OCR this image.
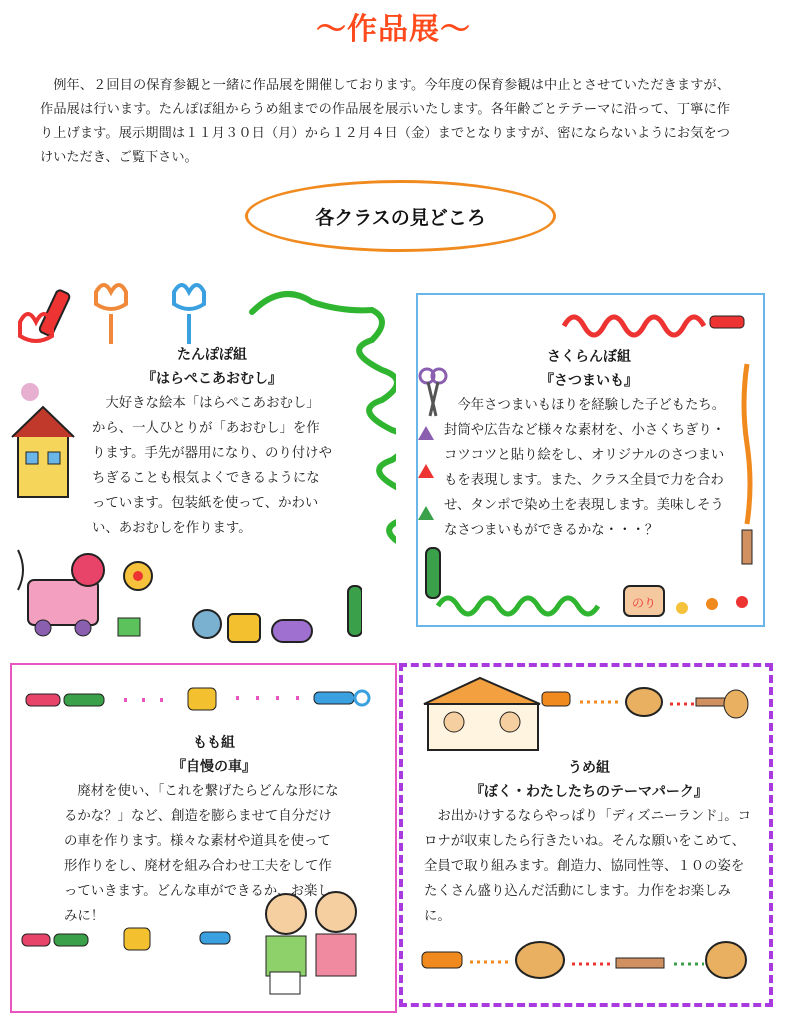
〜作品展〜
例年、２回目の保育参観と一緒に作品展を開催しております。今年度の保育参観は中止とさせていただきますが、作品展は行います。たんぽぽ組からうめ組までの作品展を展示いたします。各年齢ごとテテーマに沿って、丁寧に作り上げます。展示期間は１１月３０日（月）から１２月４日（金）までとなりますが、密にならないようにお気をつけいただき、ご覧下さい。
各クラスの見どころ
たんぽぽ組
『はらぺこあおむし』
大好きな絵本「はらぺこあおむし」から、一人ひとりが「あおむし」を作ります。手先が器用になり、のり付けやちぎることも根気よくできるようになっています。包装紙を使って、かわいい、あおむしを作ります。
のり
さくらんぼ組
『さつまいも』
今年さつまいもほりを経験した子どもたち。封筒や広告など様々な素材を、小さくちぎり・コツコツと貼り絵をし、オリジナルのさつまいもを表現します。また、クラス全員で力を合わせ、タンポで染め土を表現します。美味しそうなさつまいもができるかな・・・？
もも組
『自慢の車』
廃材を使い、「これを繋げたらどんな形になるかな？」など、創造を膨らませて自分だけの車を作ります。様々な素材や道具を使って形作りをし、廃材を組み合わせ工夫をして作っていきます。どんな車ができるか、お楽しみに！
うめ組
『ぼく・わたしたちのテーマパーク』
お出かけするならやっぱり「ディズニーランド」。コロナが収束したら行きたいね。そんな願いをこめて、全員で取り組みます。創造力、協同性等、１０の姿をたくさん盛り込んだ活動にします。力作をお楽しみに。
